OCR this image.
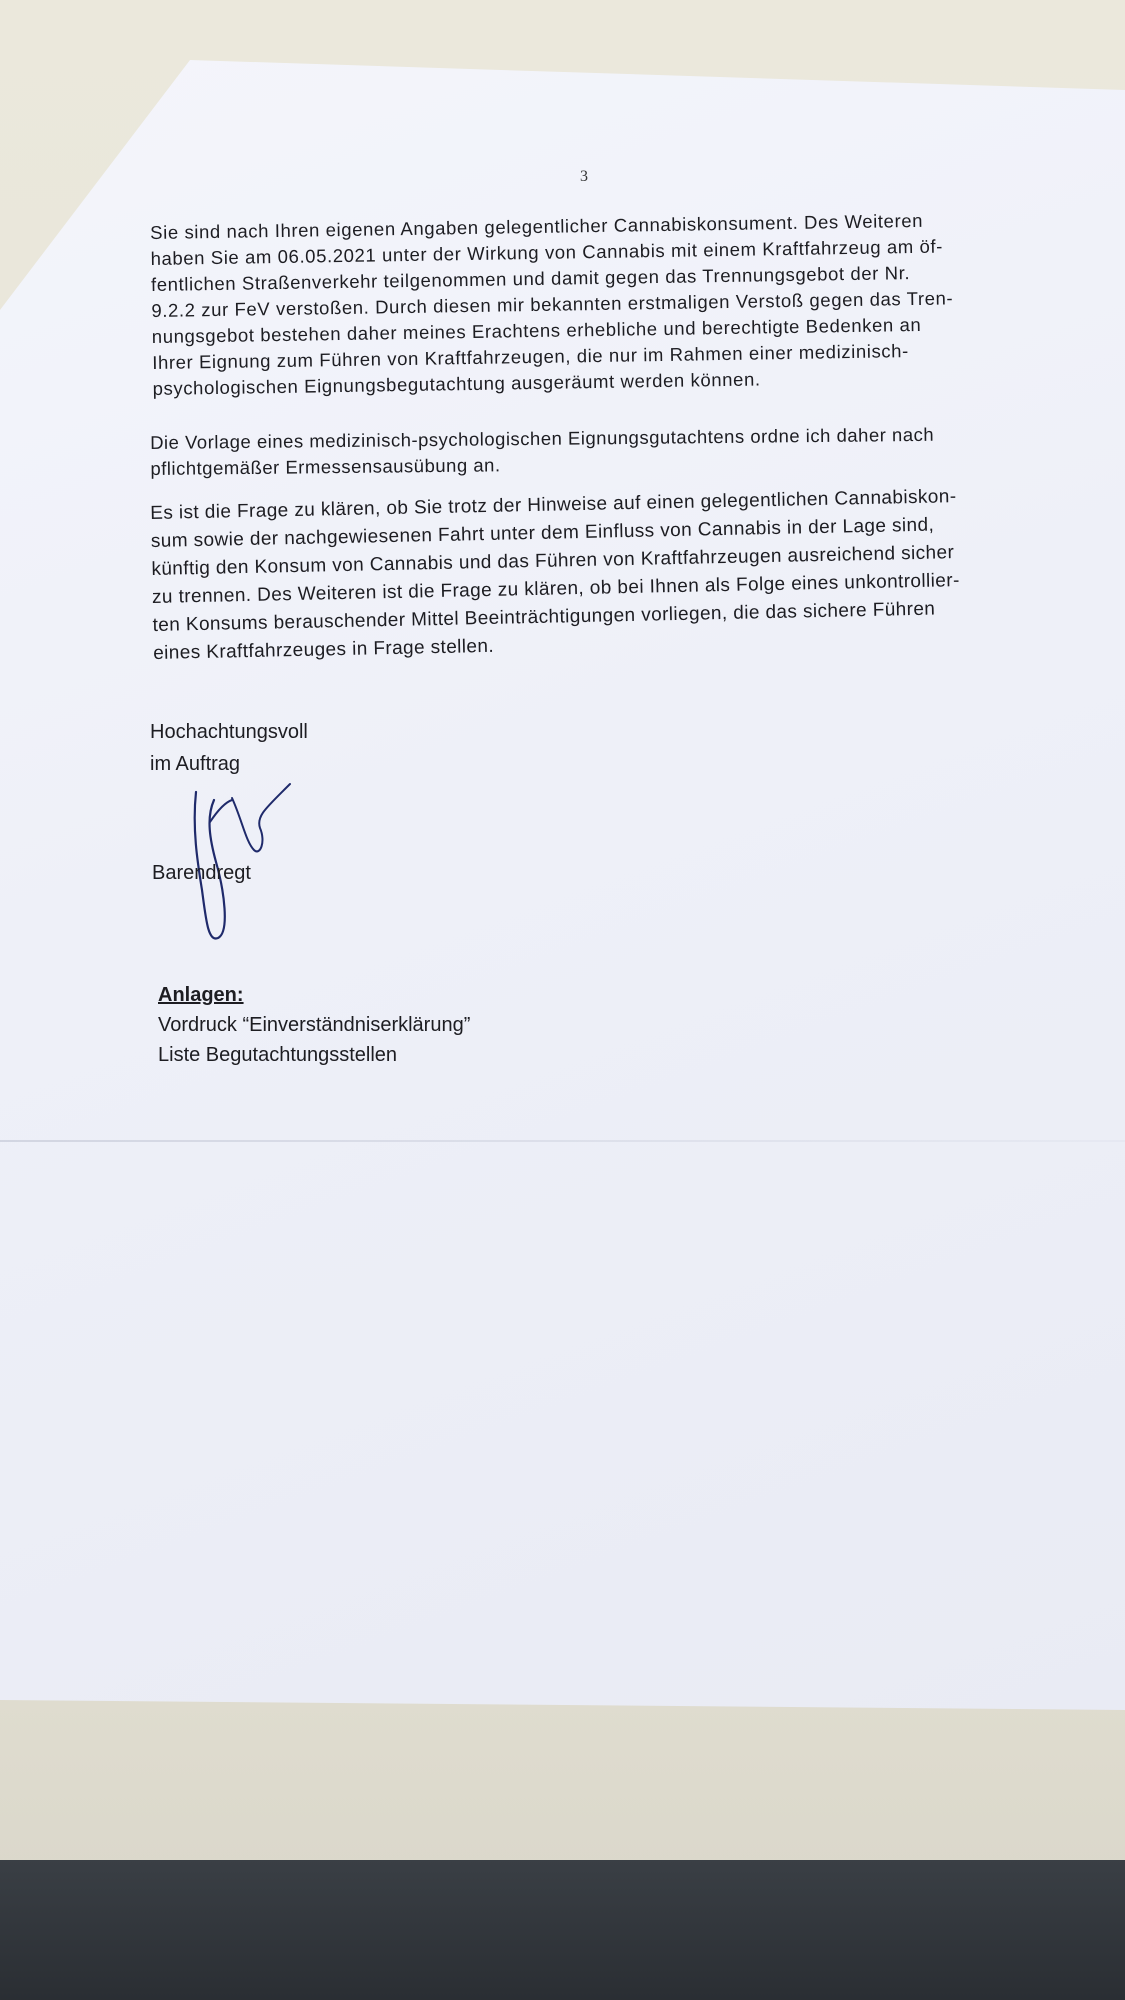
3
Sie sind nach Ihren eigenen Angaben gelegentlicher Cannabiskonsument. Des Weiteren
haben Sie am 06.05.2021 unter der Wirkung von Cannabis mit einem Kraftfahrzeug am öf-
fentlichen Straßenverkehr teilgenommen und damit gegen das Trennungsgebot der Nr.
9.2.2 zur FeV verstoßen. Durch diesen mir bekannten erstmaligen Verstoß gegen das Tren-
nungsgebot bestehen daher meines Erachtens erhebliche und berechtigte Bedenken an
Ihrer Eignung zum Führen von Kraftfahrzeugen, die nur im Rahmen einer medizinisch-
psychologischen Eignungsbegutachtung ausgeräumt werden können.
Die Vorlage eines medizinisch-psychologischen Eignungsgutachtens ordne ich daher nach
pflichtgemäßer Ermessensausübung an.
Es ist die Frage zu klären, ob Sie trotz der Hinweise auf einen gelegentlichen Cannabiskon-
sum sowie der nachgewiesenen Fahrt unter dem Einfluss von Cannabis in der Lage sind,
künftig den Konsum von Cannabis und das Führen von Kraftfahrzeugen ausreichend sicher
zu trennen. Des Weiteren ist die Frage zu klären, ob bei Ihnen als Folge eines unkontrollier-
ten Konsums berauschender Mittel Beeinträchtigungen vorliegen, die das sichere Führen
eines Kraftfahrzeuges in Frage stellen.
Hochachtungsvoll
im Auftrag
Barendregt
Anlagen:
Vordruck “Einverständniserklärung”
Liste Begutachtungsstellen
